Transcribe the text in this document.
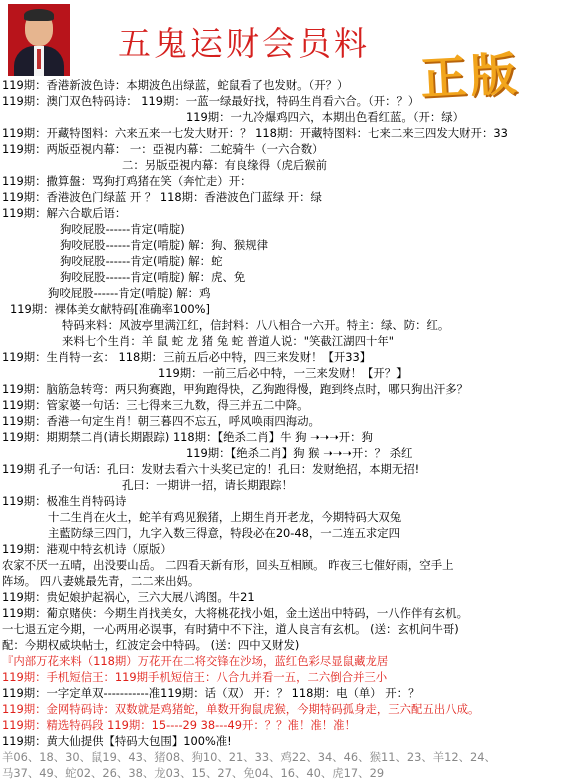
五鬼运财会员料
正版
119期：香港新波色诗：本期波色出绿蓝，蛇鼠看了也发财。（开？）
119期：澳门双色特码诗： 119期：一蓝一绿最好找，特码生肖看六合。（开：？）
119期：一九冷爆鸡四六，本期出色看红蓝。（开：绿）
119期：开藏特图料：六来五来一七发大财开：？ 118期：开藏特图料：七来二来三四发大财开：33
119期：两版亞視内幕： 一：亞視内幕：二蛇骑牛（一六合数）
二：另版亞視内幕：有良缘得（虎后猴前
119期：撒算盤：骂狗打鸡猪在笑（奔忙走）开：
119期：香港波色门绿蓝 开 ？ 118期：香港波色门蓝绿 开：绿
119期：解六合歇后语：
狗咬屁股------肯定(啃腚)
狗咬屁股------肯定(啃腚) 解：狗、猴规律
狗咬屁股------肯定(啃腚) 解：蛇
狗咬屁股------肯定(啃腚) 解：虎、免
狗咬屁股------肯定(啃腚) 解：鸡
119期：裸体美女献特码[准确率100%]
特码来料：风波亭里满江红，信封料：八八相合一六开。特主：绿、防：红。
来料七个生肖：羊 鼠 蛇 龙 猪 兔 蛇 普道人说："笑截江湖四十年"
119期：生肖特一玄： 118期：三前五后必中特，四三来发财！【开33】
119期：一前三后必中特，一三来发财！【开？】
119期：脑筋急转弯：两只狗赛跑，甲狗跑得快，乙狗跑得慢，跑到终点时，哪只狗出汗多？
119期：管家婆一句话：三七得来三九数，得三并五二中降。
119期：香港一句定生肖！朝三暮四不忘五，呼风唤雨四海动。
119期：期期禁二肖(请长期跟踪) 118期：【绝杀二肖】牛 狗 ➝➝➝开：狗
119期：【绝杀二肖】狗 猴 ➝➝➝开：？ 杀红
119期 孔子一句话：孔曰：发财去看六十头奖已定的！孔曰：发财绝招，本期无招!
孔曰：一期讲一招，请长期跟踪！
119期：极准生肖特码诗
十二生肖在火土，蛇羊有鸡见猴猪，上期生肖开老龙，今期特码大双兔
主藍防绿三四门，九字入数三得意，特段必在20-48，一二连五求定四
119期：港观中特玄机诗（原版）
农家不厌一五晴，出没要山岳。 二四看天新有形，回头互相顾。 昨夜三七催好雨，空手上
阵场。 四八妻姚最先青，二二来出妈。
119期：贵妃娘护起祸心，三六大展八鸿图。牛21
119期：葡京赌侠：今期生肖找美女，大将桃花找小姐，金土送出中特码，一八作伴有玄机。
一七退五定今期，一心两用必误事，有时猜中不下注，道人良言有玄机。 (送：玄机问牛哥)
配：今期权威块帖士，红波定会中特码。 (送：四中又财发)
『内部万花来料（118期）万花开在二将交锋在沙场，蓝红色彩尽显鼠藏龙居
119期：手机短信王：119期手机短信王：八合九并看一五，二六倒合并三小
119期：一字定单双-----------准119期：话（双） 开：？ 118期：电（单） 开：？
119期：金网特码诗：双数就是鸡猪蛇，单数开狗鼠虎猴，今期特码孤身走，三六配五出八成。
119期：精选特码段 119期：15----29 38---49开：？？准！准！准！
119期：黄大仙提供【特码大包围】100%准!
羊06、18、30、鼠19、43、猪08、狗10、21、33、鸡22、34、46、猴11、23、羊12、24、
马37、49、蛇02、26、38、龙03、15、27、免04、16、40、虎17、29
